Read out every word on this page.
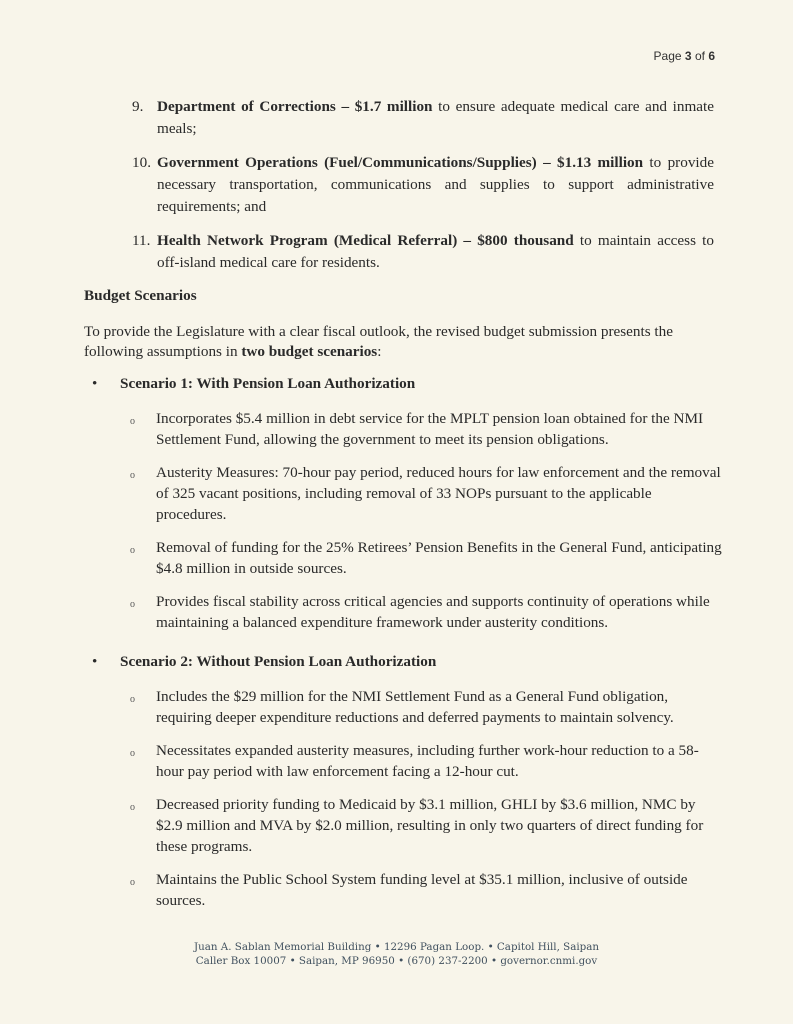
Page 3 of 6
9. Department of Corrections – $1.7 million to ensure adequate medical care and inmate meals;
10. Government Operations (Fuel/Communications/Supplies) – $1.13 million to provide necessary transportation, communications and supplies to support administrative requirements; and
11. Health Network Program (Medical Referral) – $800 thousand to maintain access to off-island medical care for residents.
Budget Scenarios
To provide the Legislature with a clear fiscal outlook, the revised budget submission presents the following assumptions in two budget scenarios:
•	Scenario 1: With Pension Loan Authorization
o	Incorporates $5.4 million in debt service for the MPLT pension loan obtained for the NMI Settlement Fund, allowing the government to meet its pension obligations.
o	Austerity Measures: 70-hour pay period, reduced hours for law enforcement and the removal of 325 vacant positions, including removal of 33 NOPs pursuant to the applicable procedures.
o	Removal of funding for the 25% Retirees’ Pension Benefits in the General Fund, anticipating $4.8 million in outside sources.
o	Provides fiscal stability across critical agencies and supports continuity of operations while maintaining a balanced expenditure framework under austerity conditions.
•	Scenario 2: Without Pension Loan Authorization
o	Includes the $29 million for the NMI Settlement Fund as a General Fund obligation, requiring deeper expenditure reductions and deferred payments to maintain solvency.
o	Necessitates expanded austerity measures, including further work-hour reduction to a 58-hour pay period with law enforcement facing a 12-hour cut.
o	Decreased priority funding to Medicaid by $3.1 million, GHLI by $3.6 million, NMC by $2.9 million and MVA by $2.0 million, resulting in only two quarters of direct funding for these programs.
o	Maintains the Public School System funding level at $35.1 million, inclusive of outside sources.
Juan A. Sablan Memorial Building • 12296 Pagan Loop. • Capitol Hill, Saipan
Caller Box 10007 • Saipan, MP 96950 • (670) 237-2200 • governor.cnmi.gov
